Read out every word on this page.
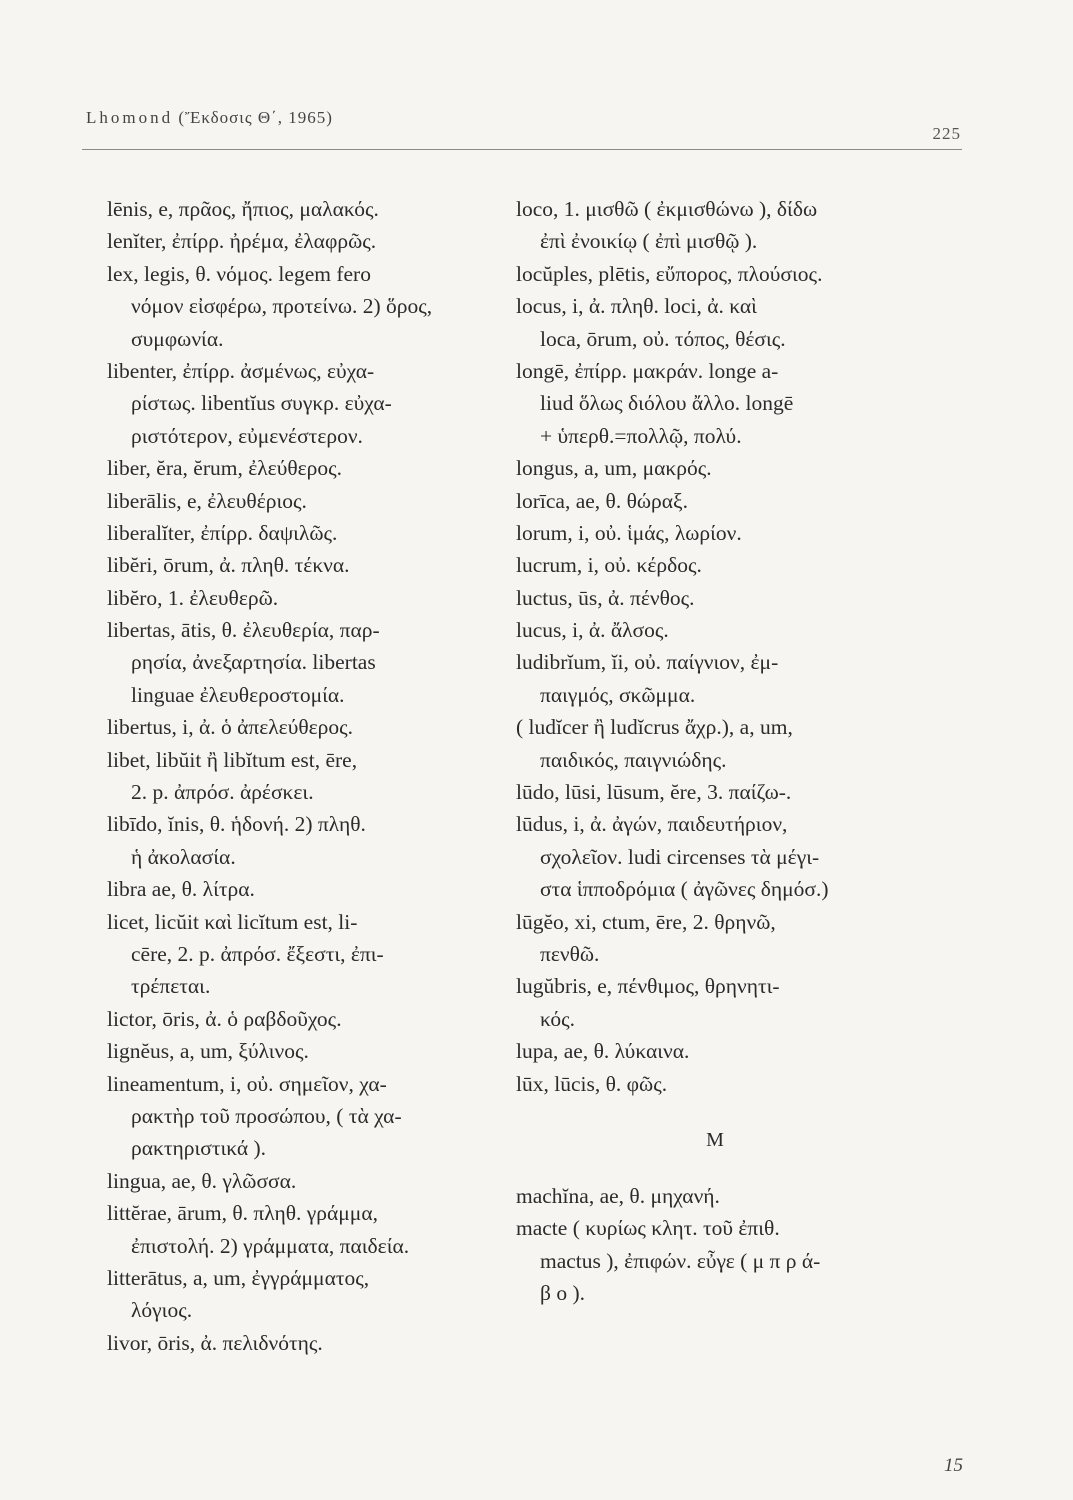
Lhomond (Ἔκδοσις Θ΄, 1965)
225
lēnis, e, πρᾶος, ἤπιος, μαλακός.
lenĭter, ἐπίρρ. ἠρέμα, ἐλαφρῶς.
lex, legis, θ. νόμος. legem fero
νόμον εἰσφέρω, προτείνω. 2) ὅρος,
συμφωνία.
libenter, ἐπίρρ. ἀσμένως, εὐχα-
ρίστως. libentĭus συγκρ. εὐχα-
ριστότερον, εὐμενέστερον.
liber, ĕra, ĕrum, ἐλεύθερος.
liberālis, e, ἐλευθέριος.
liberalĭter, ἐπίρρ. δαψιλῶς.
libĕri, ōrum, ἀ. πληθ. τέκνα.
libĕro, 1. ἐλευθερῶ.
libertas, ātis, θ. ἐλευθερία, παρ-
ρησία, ἀνεξαρτησία. libertas
linguae ἐλευθεροστομία.
libertus, i, ἀ. ὁ ἀπελεύθερος.
libet, libŭit ἢ libĭtum est, ēre,
2. p. ἀπρόσ. ἀρέσκει.
libīdo, ĭnis, θ. ἡδονή. 2) πληθ.
ἡ ἀκολασία.
libra ae, θ. λίτρα.
licet, licŭit καὶ licĭtum est, li-
cēre, 2. p. ἀπρόσ. ἔξεστι, ἐπι-
τρέπεται.
lictor, ōris, ἀ. ὁ ραβδοῦχος.
lignĕus, a, um, ξύλινος.
lineamentum, i, οὐ. σημεῖον, χα-
ρακτὴρ τοῦ προσώπου, ( τὰ χα-
ρακτηριστικά ).
lingua, ae, θ. γλῶσσα.
littĕrae, ārum, θ. πληθ. γράμμα,
ἐπιστολή. 2) γράμματα, παιδεία.
litterātus, a, um, ἐγγράμματος,
λόγιος.
livor, ōris, ἀ. πελιδνότης.
loco, 1. μισθῶ ( ἐκμισθώνω ), δίδω
ἐπὶ ἐνοικίῳ ( ἐπὶ μισθῷ ).
locŭples, plētis, εὔπορος, πλούσιος.
locus, i, ἀ. πληθ. loci, ἀ. καὶ
loca, ōrum, οὐ. τόπος, θέσις.
longē, ἐπίρρ. μακράν. longe a-
liud ὅλως διόλου ἄλλο. longē
+ ὑπερθ.=πολλῷ, πολύ.
longus, a, um, μακρός.
lorīca, ae, θ. θώραξ.
lorum, i, οὐ. ἱμάς, λωρίον.
lucrum, i, οὐ. κέρδος.
luctus, ūs, ἀ. πένθος.
lucus, i, ἀ. ἄλσος.
ludibrĭum, ĭi, οὐ. παίγνιον, ἐμ-
παιγμός, σκῶμμα.
( ludĭcer ἢ ludĭcrus ἄχρ.), a, um,
παιδικός, παιγνιώδης.
lūdo, lūsi, lūsum, ĕre, 3. παίζω-.
lūdus, i, ἀ. ἀγών, παιδευτήριον,
σχολεῖον. ludi circenses τὰ μέγι-
στα ἱπποδρόμια ( ἀγῶνες δημόσ.)
lūgĕo, xi, ctum, ēre, 2. θρηνῶ,
πενθῶ.
lugŭbris, e, πένθιμος, θρηνητι-
κός.
lupa, ae, θ. λύκαινα.
lūx, lūcis, θ. φῶς.
M
machĭna, ae, θ. μηχανή.
macte ( κυρίως κλητ. τοῦ ἐπιθ.
mactus ), ἐπιφών. εὖγε ( μ π ρ ά-
β ο ).
15
